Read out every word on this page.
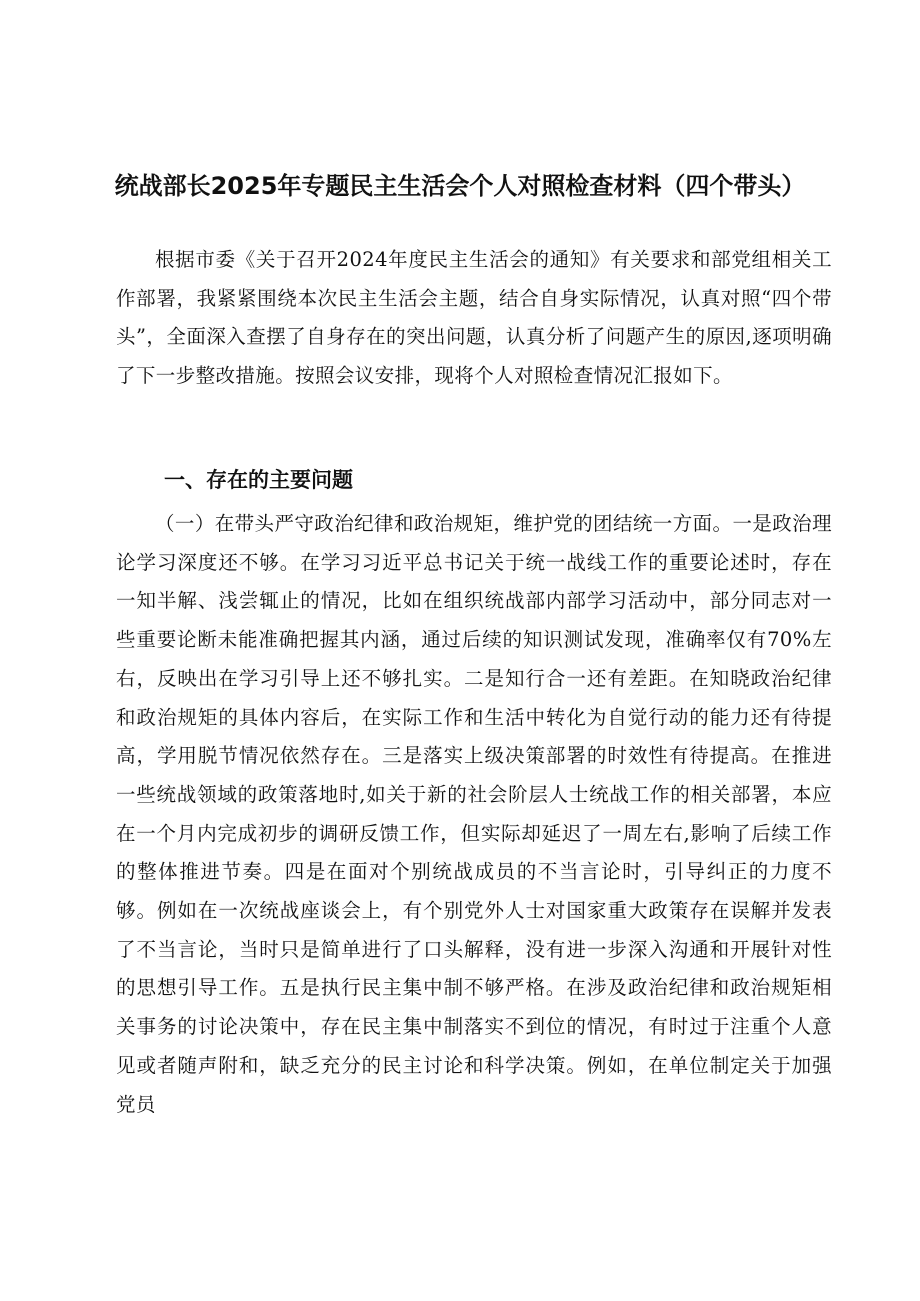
统战部长2025年专题民主生活会个人对照检查材料（四个带头）

根据市委《关于召开2024年度民主生活会的通知》有关要求和部党组相关工作部署，我紧紧围绕本次民主生活会主题，结合自身实际情况，认真对照“四个带头”，全面深入查摆了自身存在的突出问题，认真分析了问题产生的原因,逐项明确了下一步整改措施。按照会议安排，现将个人对照检查情况汇报如下。

一、存在的主要问题

（一）在带头严守政治纪律和政治规矩，维护党的团结统一方面。一是政治理论学习深度还不够。在学习习近平总书记关于统一战线工作的重要论述时，存在一知半解、浅尝辄止的情况，比如在组织统战部内部学习活动中，部分同志对一些重要论断未能准确把握其内涵，通过后续的知识测试发现，准确率仅有70%左右，反映出在学习引导上还不够扎实。二是知行合一还有差距。在知晓政治纪律和政治规矩的具体内容后，在实际工作和生活中转化为自觉行动的能力还有待提高，学用脱节情况依然存在。三是落实上级决策部署的时效性有待提高。在推进一些统战领域的政策落地时,如关于新的社会阶层人士统战工作的相关部署，本应在一个月内完成初步的调研反馈工作，但实际却延迟了一周左右,影响了后续工作的整体推进节奏。四是在面对个别统战成员的不当言论时，引导纠正的力度不够。例如在一次统战座谈会上，有个别党外人士对国家重大政策存在误解并发表了不当言论，当时只是简单进行了口头解释，没有进一步深入沟通和开展针对性的思想引导工作。五是执行民主集中制不够严格。在涉及政治纪律和政治规矩相关事务的讨论决策中，存在民主集中制落实不到位的情况，有时过于注重个人意见或者随声附和，缺乏充分的民主讨论和科学决策。例如，在单位制定关于加强党员
